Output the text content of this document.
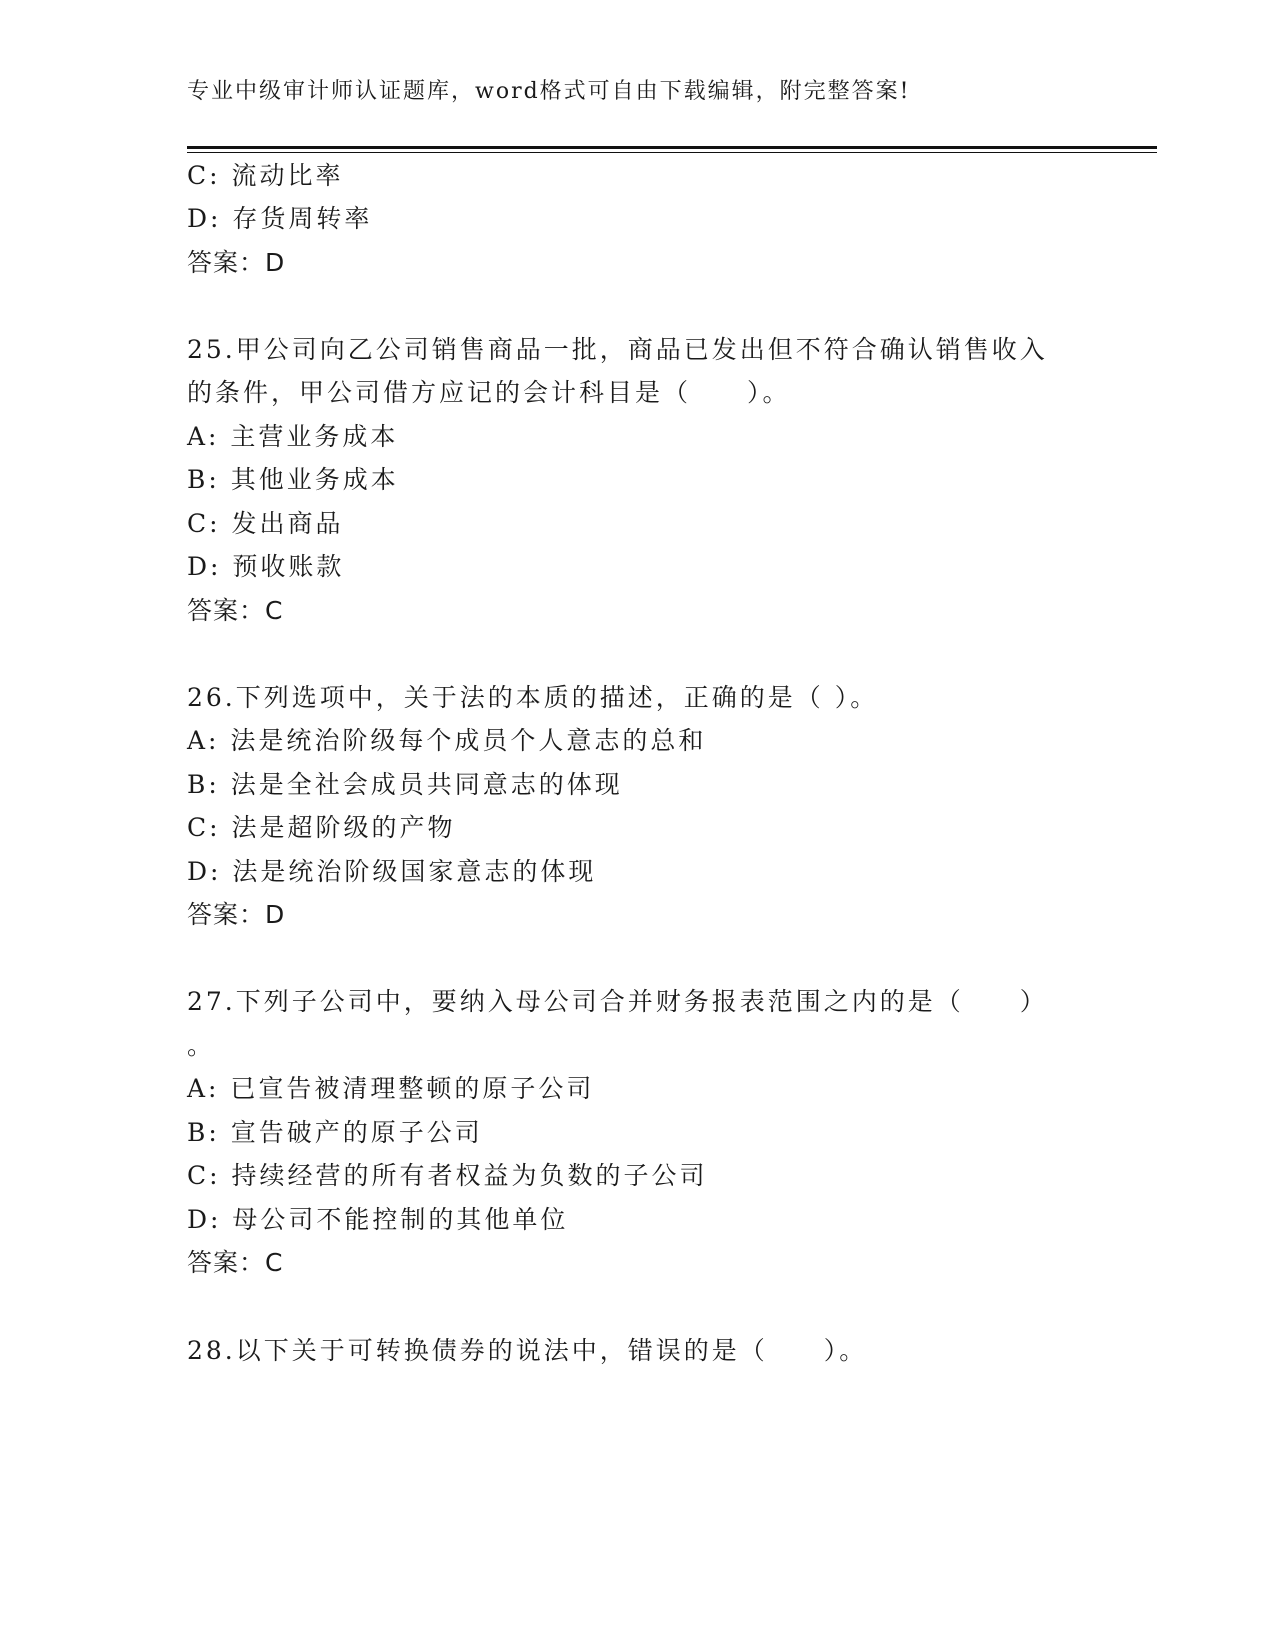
专业中级审计师认证题库，word格式可自由下载编辑，附完整答案!
C: 流动比率
D: 存货周转率
答案：D
25.甲公司向乙公司销售商品一批，商品已发出但不符合确认销售收入
的条件，甲公司借方应记的会计科目是（　　）。
A: 主营业务成本
B: 其他业务成本
C: 发出商品
D: 预收账款
答案：C
26.下列选项中，关于法的本质的描述，正确的是（ ）。
A: 法是统治阶级每个成员个人意志的总和
B: 法是全社会成员共同意志的体现
C: 法是超阶级的产物
D: 法是统治阶级国家意志的体现
答案：D
27.下列子公司中，要纳入母公司合并财务报表范围之内的是（　　）
。
A: 已宣告被清理整顿的原子公司
B: 宣告破产的原子公司
C: 持续经营的所有者权益为负数的子公司
D: 母公司不能控制的其他单位
答案：C
28.以下关于可转换债券的说法中，错误的是（　　）。
